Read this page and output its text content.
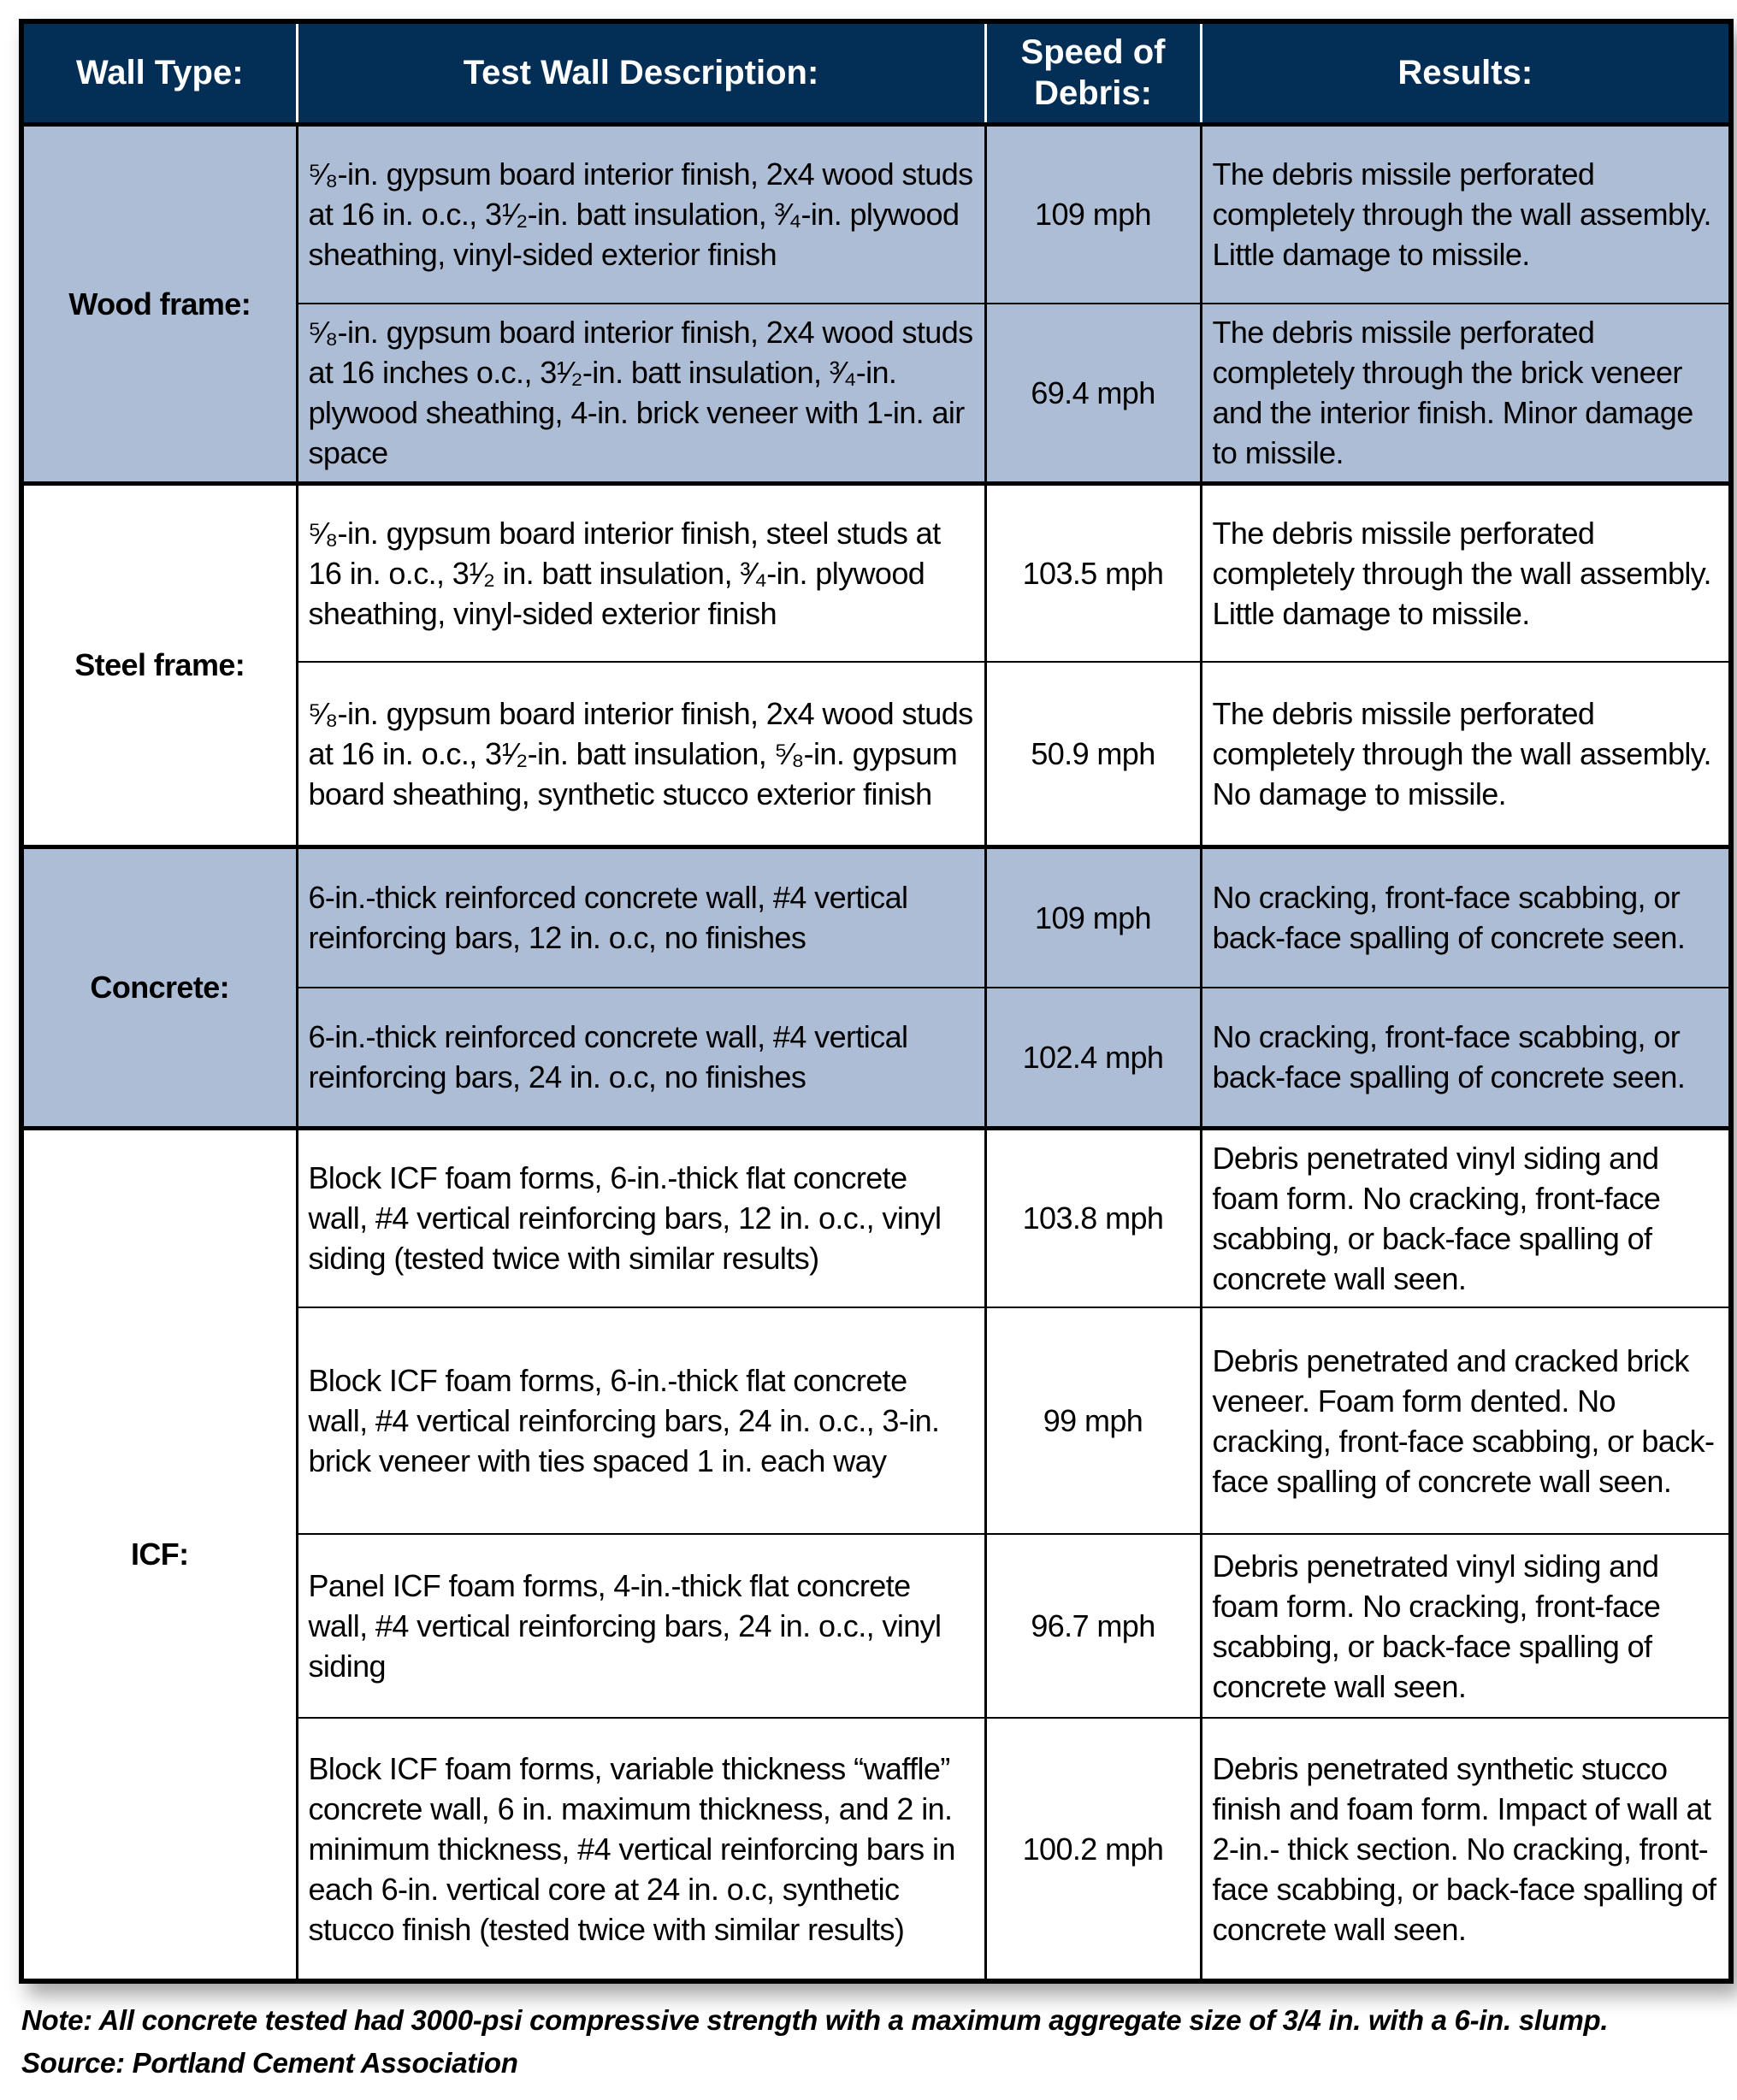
Wall Type:	Test Wall Description:	Speed of Debris:	Results:
Wood frame:	⁵⁄₈-in. gypsum board interior finish, 2x4 wood studs at 16 in. o.c., 3¹⁄₂-in. batt insulation, ³⁄₄-in. plywood sheathing, vinyl-sided exterior finish	109 mph	The debris missile perforated completely through the wall assembly. Little damage to missile.
	⁵⁄₈-in. gypsum board interior finish, 2x4 wood studs at 16 inches o.c., 3¹⁄₂-in. batt insulation, ³⁄₄-in. plywood sheathing, 4-in. brick veneer with 1-in. air space	69.4 mph	The debris missile perforated completely through the brick veneer and the interior finish. Minor damage to missile.
Steel frame:	⁵⁄₈-in. gypsum board interior finish, steel studs at 16 in. o.c., 3¹⁄₂ in. batt insulation, ³⁄₄-in. plywood sheathing, vinyl-sided exterior finish	103.5 mph	The debris missile perforated completely through the wall assembly. Little damage to missile.
	⁵⁄₈-in. gypsum board interior finish, 2x4 wood studs at 16 in. o.c., 3¹⁄₂-in. batt insulation, ⁵⁄₈-in. gypsum board sheathing, synthetic stucco exterior finish	50.9 mph	The debris missile perforated completely through the wall assembly. No damage to missile.
Concrete:	6-in.-thick reinforced concrete wall, #4 vertical reinforcing bars, 12 in. o.c, no finishes	109 mph	No cracking, front-face scabbing, or back-face spalling of concrete seen.
	6-in.-thick reinforced concrete wall, #4 vertical reinforcing bars, 24 in. o.c, no finishes	102.4 mph	No cracking, front-face scabbing, or back-face spalling of concrete seen.
ICF:	Block ICF foam forms, 6-in.-thick flat concrete wall, #4 vertical reinforcing bars, 12 in. o.c., vinyl siding (tested twice with similar results)	103.8 mph	Debris penetrated vinyl siding and foam form. No cracking, front-face scabbing, or back-face spalling of concrete wall seen.
	Block ICF foam forms, 6-in.-thick flat concrete wall, #4 vertical reinforcing bars, 24 in. o.c., 3-in. brick veneer with ties spaced 1 in. each way	99 mph	Debris penetrated and cracked brick veneer. Foam form dented. No cracking, front-face scabbing, or back-face spalling of concrete wall seen.
	Panel ICF foam forms, 4-in.-thick flat concrete wall, #4 vertical reinforcing bars, 24 in. o.c., vinyl siding	96.7 mph	Debris penetrated vinyl siding and foam form. No cracking, front-face scabbing, or back-face spalling of concrete wall seen.
	Block ICF foam forms, variable thickness “waffle” concrete wall, 6 in. maximum thickness, and 2 in. minimum thickness, #4 vertical reinforcing bars in each 6-in. vertical core at 24 in. o.c, synthetic stucco finish (tested twice with similar results)	100.2 mph	Debris penetrated synthetic stucco finish and foam form. Impact of wall at 2-in.- thick section. No cracking, front-face scabbing, or back-face spalling of concrete wall seen.
Note: All concrete tested had 3000-psi compressive strength with a maximum aggregate size of 3/4 in. with a 6-in. slump.
Source: Portland Cement Association
